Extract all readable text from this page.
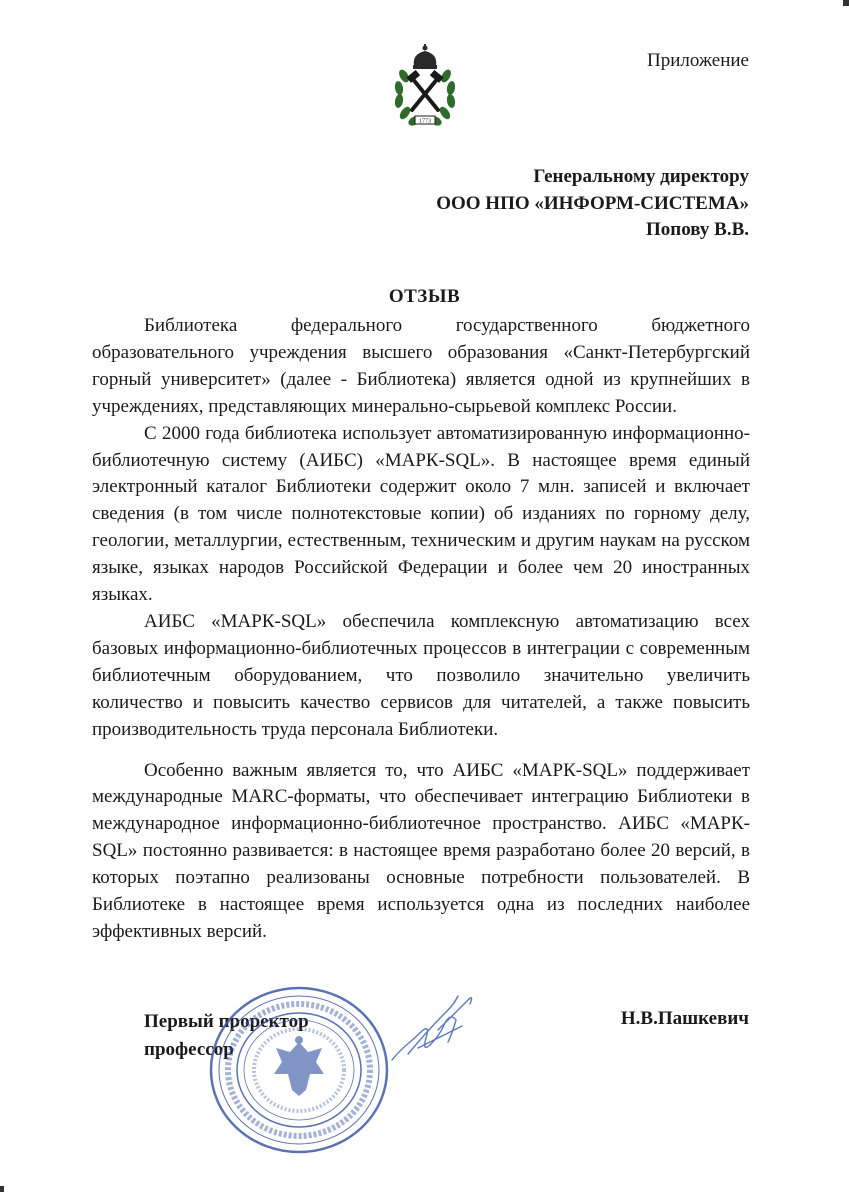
1773
Приложение
Генеральному директору
ООО НПО «ИНФОРМ-СИСТЕМА»
Попову В.В.
ОТЗЫВ

Библиотека федерального государственного бюджетного образовательного учреждения высшего образования «Санкт-Петербургский горный университет» (далее - Библиотека) является одной из крупнейших в учреждениях, представляющих минерально-сырьевой комплекс России.

С 2000 года библиотека использует автоматизированную информационно-библиотечную систему (АИБС) «МАРК-SQL». В настоящее время единый электронный каталог Библиотеки содержит около 7 млн. записей и включает сведения (в том числе полнотекстовые копии) об изданиях по горному делу, геологии, металлургии, естественным, техническим и другим наукам на русском языке, языках народов Российской Федерации и более чем 20 иностранных языках.

АИБС «МАРК-SQL» обеспечила комплексную автоматизацию всех базовых информационно-библиотечных процессов в интеграции с современным библиотечным оборудованием, что позволило значительно увеличить количество и повысить качество сервисов для читателей, а также повысить производительность труда персонала Библиотеки.

Особенно важным является то, что АИБС «МАРК-SQL» поддерживает международные MARC-форматы, что обеспечивает интеграцию Библиотеки в международное информационно-библиотечное пространство. АИБС «МАРК- SQL» постоянно развивается: в настоящее время разработано более 20 версий, в которых поэтапно реализованы основные потребности пользователей. В Библиотеке в настоящее время используется одна из последних наиболее эффективных версий.

Первый проректор
профессор
Н.В.Пашкевич
